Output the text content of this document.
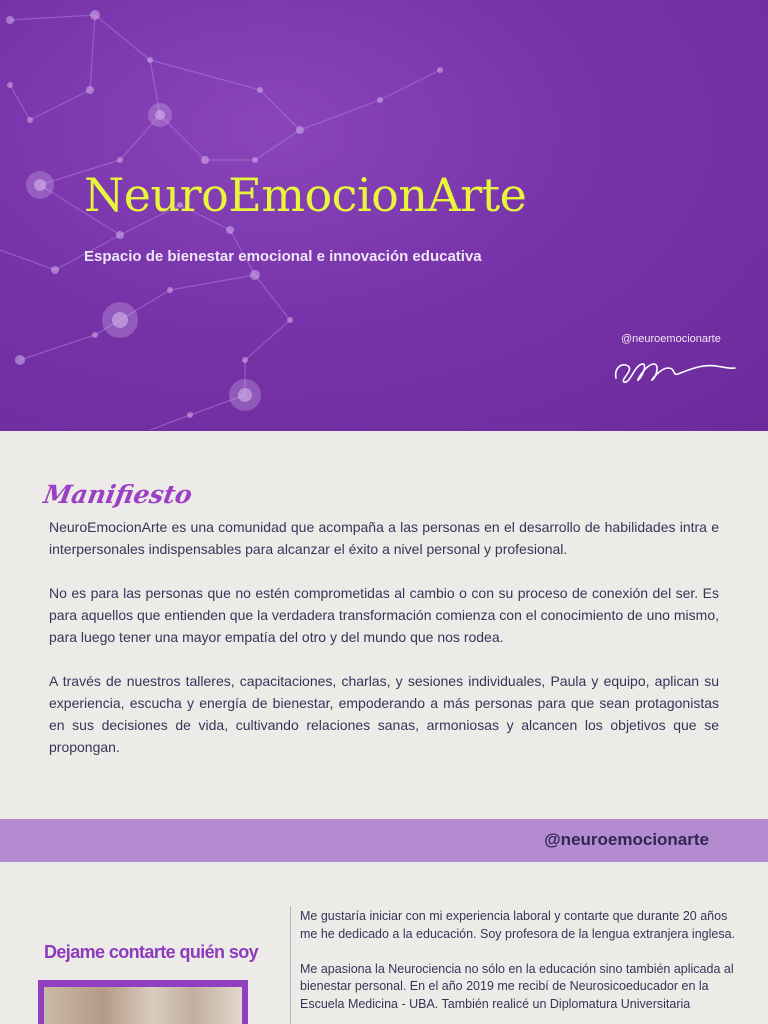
NeuroEmocionArte
Espacio de bienestar emocional e innovación educativa
@neuroemocionarte
Manifiesto

NeuroEmocionArte es una comunidad que acompaña a las personas en el desarrollo de habilidades intra e interpersonales indispensables para alcanzar el éxito a nivel personal y profesional.

No es para las personas que no estén comprometidas al cambio o con su proceso de conexión del ser. Es para aquellos que entienden que la verdadera transformación comienza con el conocimiento de uno mismo, para luego tener una mayor empatía del otro y del mundo que nos rodea.

A través de nuestros talleres, capacitaciones, charlas, y sesiones individuales, Paula y equipo, aplican su experiencia, escucha y energía de bienestar, empoderando a más personas para que sean protagonistas en sus decisiones de vida, cultivando relaciones sanas, armoniosas y alcancen los objetivos que se propongan.

@neuroemocionarte
Dejame contarte quién soy

Me gustaría iniciar con mi experiencia laboral y contarte que durante 20 años me he dedicado a la educación. Soy profesora de la lengua extranjera inglesa.

Me apasiona la Neurociencia no sólo en la educación sino también aplicada al bienestar personal. En el año 2019 me recibí de Neurosicoeducador en la Escuela Medicina - UBA. También realicé un Diplomatura Universitaria
